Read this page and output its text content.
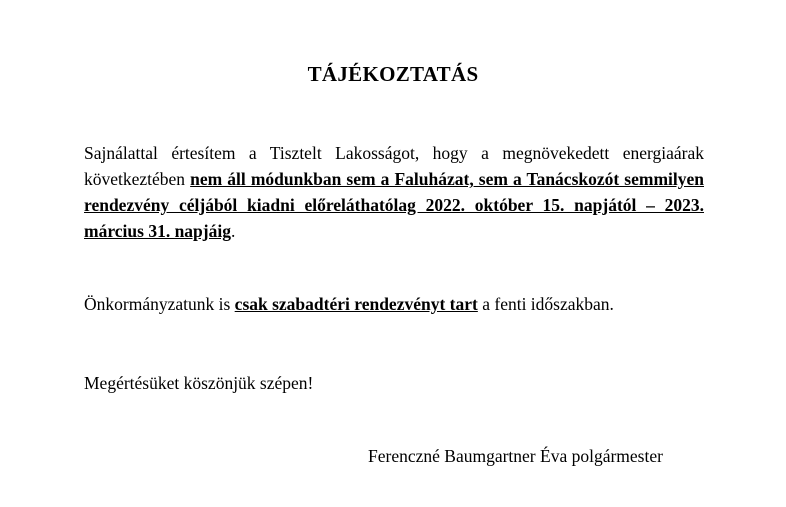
TÁJÉKOZTATÁS

Sajnálattal értesítem a Tisztelt Lakosságot, hogy a megnövekedett energiaárak következtében nem áll módunkban sem a Faluházat, sem a Tanácskozót semmilyen rendezvény céljából kiadni előreláthatólag 2022. október 15. napjától – 2023. március 31. napjáig.

Önkormányzatunk is csak szabadtéri rendezvényt tart a fenti időszakban.

Megértésüket köszönjük szépen!

Ferenczné Baumgartner Éva polgármester
